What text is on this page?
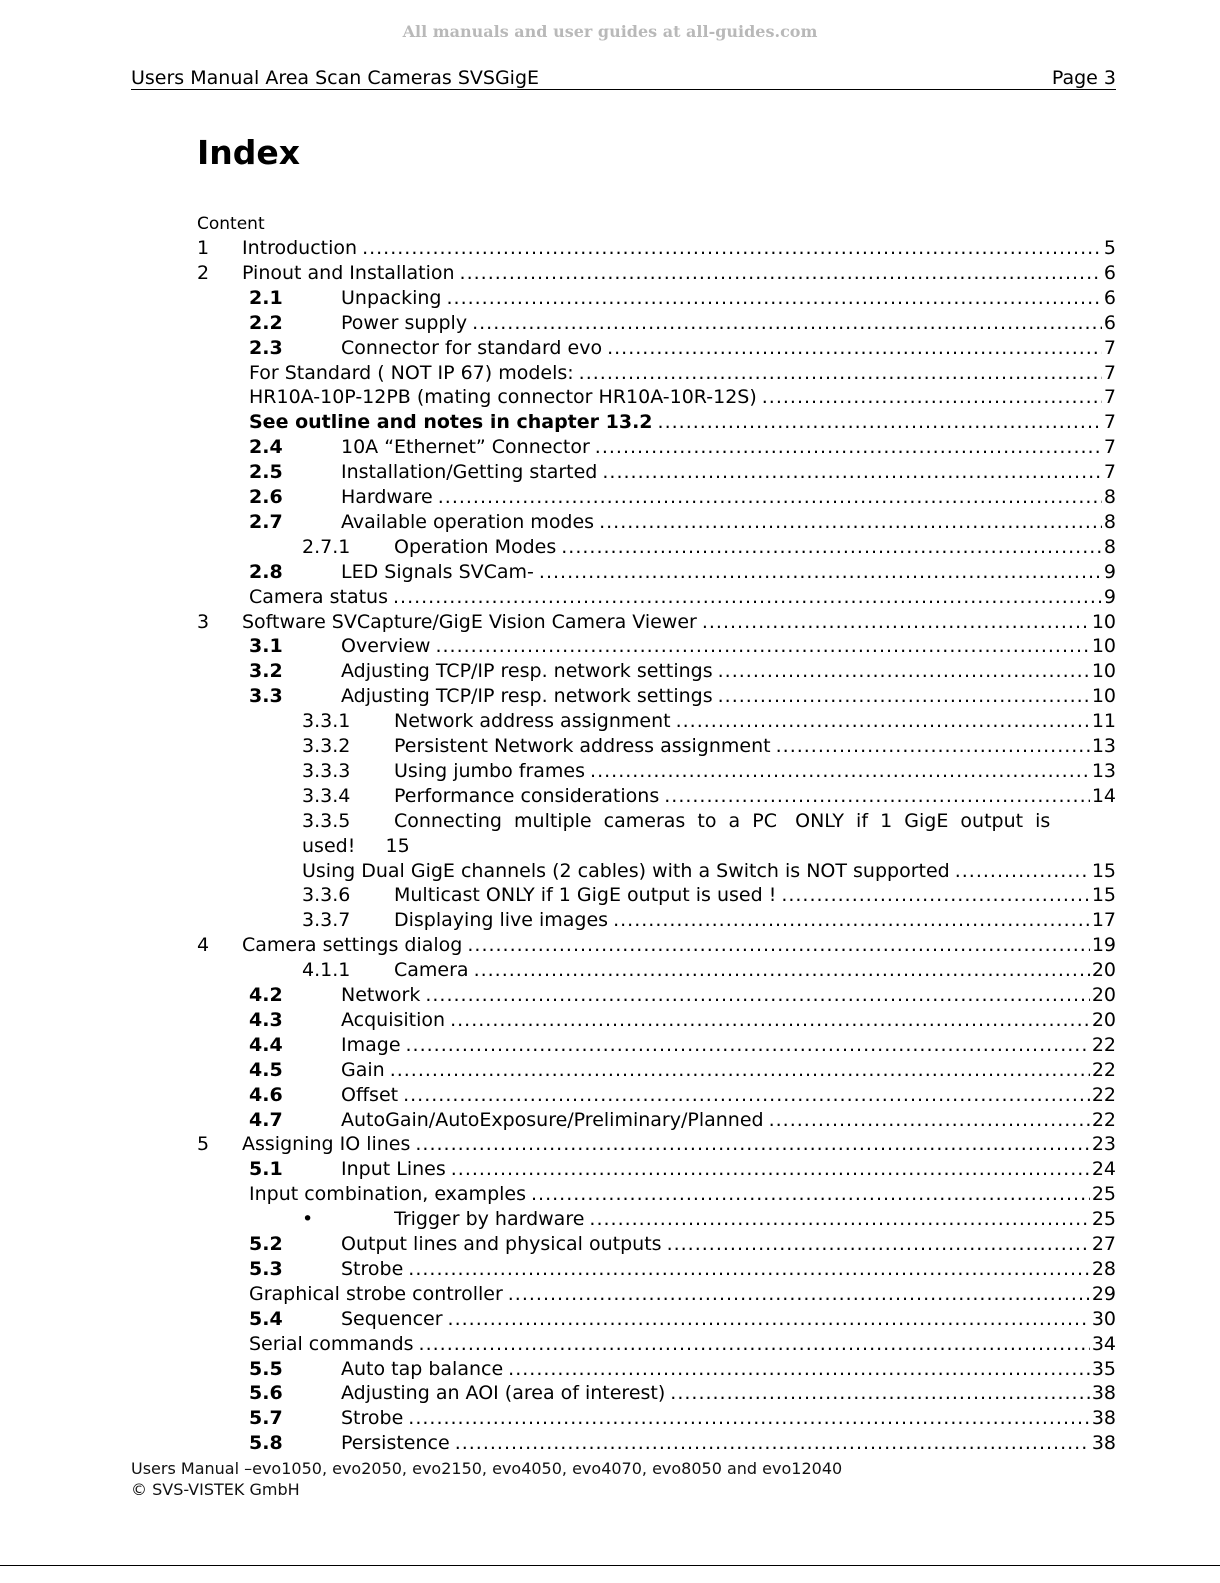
All manuals and user guides at all-guides.com
Users Manual Area Scan Cameras SVSGigE	Page 3
Index
Content
1 Introduction .....	5
2 Pinout and Installation .....	6
2.1	Unpacking .....	6
2.2	Power supply .....	6
2.3	Connector for standard evo .....	7
For Standard ( NOT IP 67) models: .....	7
HR10A-10P-12PB (mating connector HR10A-10R-12S) .....	7
See outline and notes in chapter 13.2 .....	7
2.4	10A “Ethernet” Connector .....	7
2.5	Installation/Getting started .....	7
2.6	Hardware .....	8
2.7	Available operation modes .....	8
2.7.1 Operation Modes .....	8
2.8	LED Signals SVCam- .....	9
Camera status .....	9
3 Software SVCapture/GigE Vision Camera Viewer .....	10
3.1	Overview .....	10
3.2	Adjusting TCP/IP resp. network settings .....	10
3.3	Adjusting TCP/IP resp. network settings .....	10
3.3.1 Network address assignment .....	11
3.3.2 Persistent Network address assignment .....	13
3.3.3 Using jumbo frames .....	13
3.3.4 Performance considerations .....	14
3.3.5 Connecting  multiple  cameras  to  a  PC   ONLY  if  1  GigE  output  is
used!     15
Using Dual GigE channels (2 cables) with a Switch is NOT supported .....	15
3.3.6 Multicast ONLY if 1 GigE output is used ! .....	15
3.3.7 Displaying live images .....	17
4 Camera settings dialog .....	19
4.1.1 Camera .....	20
4.2	Network .....	20
4.3	Acquisition .....	20
4.4	Image .....	22
4.5	Gain .....	22
4.6	Offset .....	22
4.7	AutoGain/AutoExposure/Preliminary/Planned .....	22
5 Assigning IO lines .....	23
5.1	Input Lines .....	24
Input combination, examples .....	25
•	Trigger by hardware .....	25
5.2	Output lines and physical outputs .....	27
5.3	Strobe .....	28
Graphical strobe controller .....	29
5.4	Sequencer .....	30
Serial commands .....	34
5.5	Auto tap balance .....	35
5.6	Adjusting an AOI (area of interest) .....	38
5.7	Strobe .....	38
5.8	Persistence .....	38
Users Manual –evo1050, evo2050, evo2150, evo4050, evo4070, evo8050 and evo12040
© SVS-VISTEK GmbH
